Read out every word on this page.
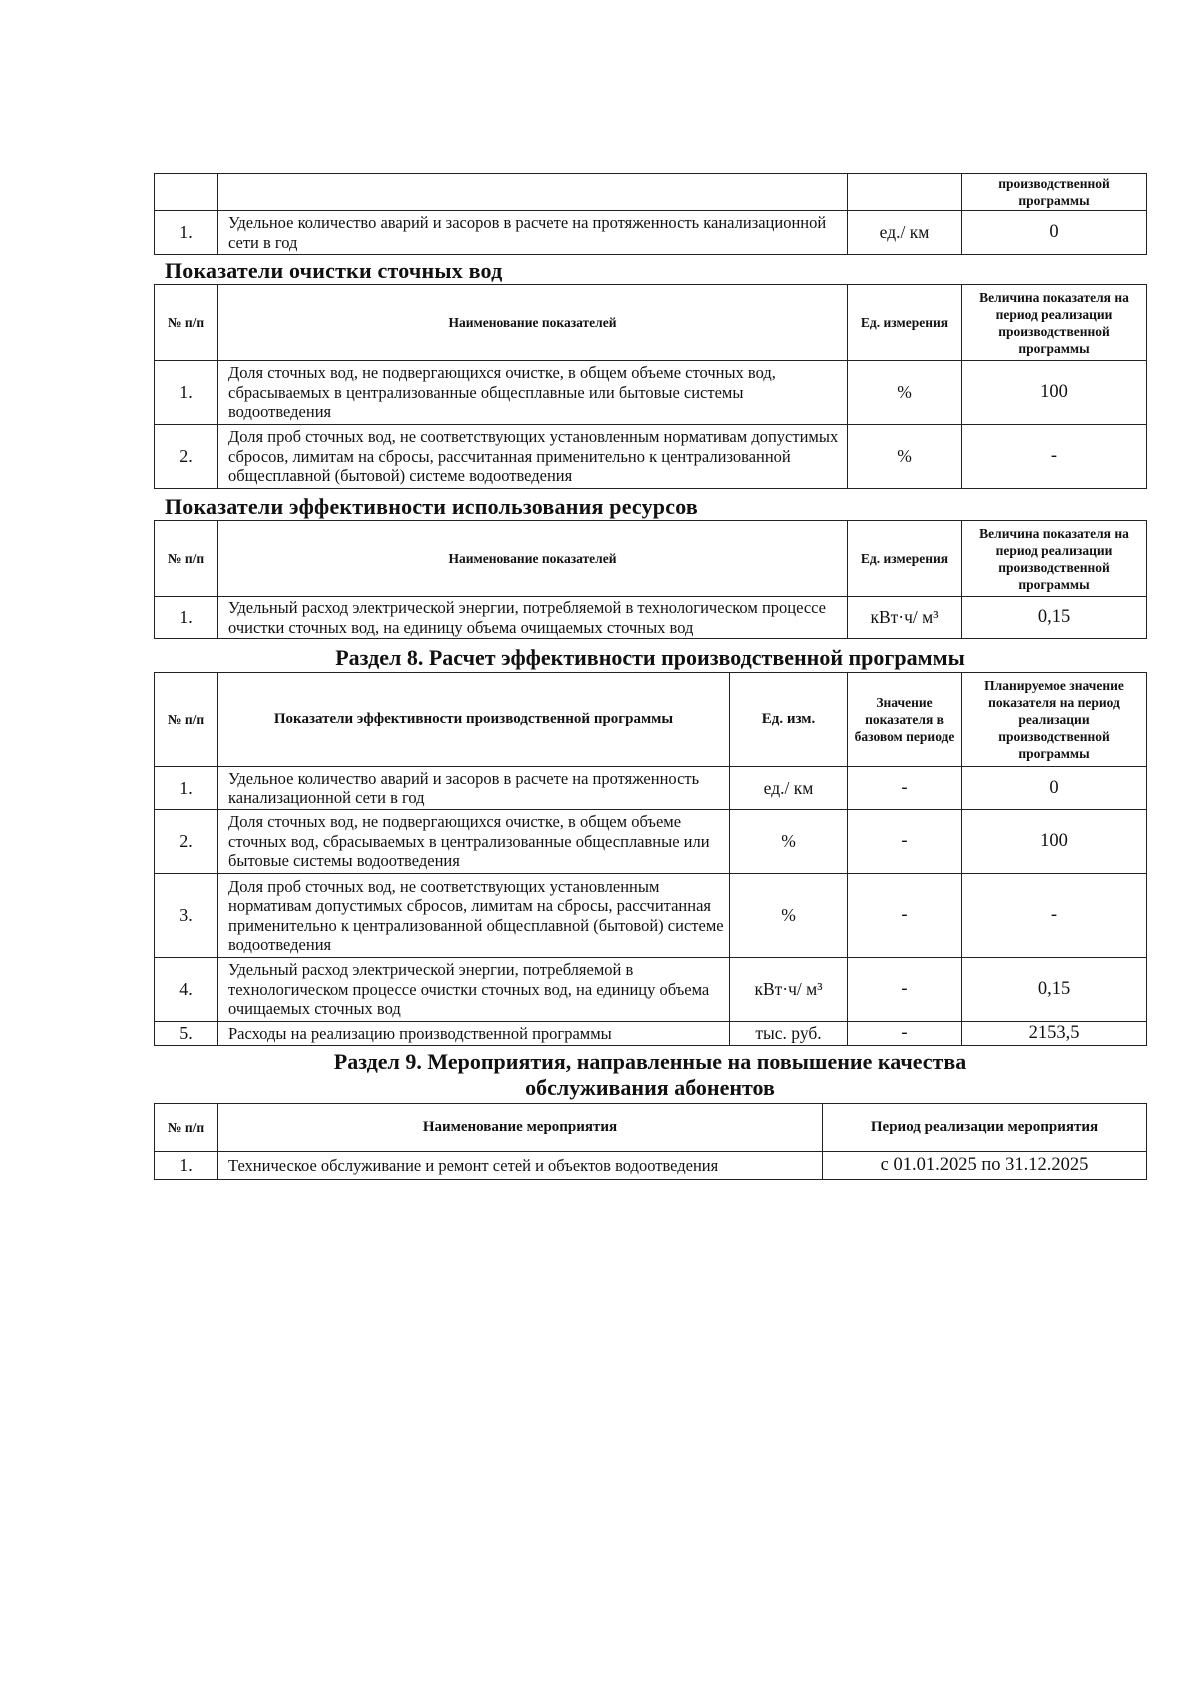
			производственной программы
1.	Удельное количество аварий и засоров в расчете на протяженность канализационной сети в год	ед./ км	0
Показатели очистки сточных вод
№ п/п	Наименование показателей	Ед. измерения	Величина показателя на период реализации производственной программы
1.	Доля сточных вод, не подвергающихся очистке, в общем объеме сточных вод, сбрасываемых в централизованные общесплавные или бытовые системы водоотведения	%	100
2.	Доля проб сточных вод, не соответствующих установленным нормативам допустимых сбросов, лимитам на сбросы, рассчитанная применительно к централизованной общесплавной (бытовой) системе водоотведения	%	-
Показатели эффективности использования ресурсов
№ п/п	Наименование показателей	Ед. измерения	Величина показателя на период реализации производственной программы
1.	Удельный расход электрической энергии, потребляемой в технологическом процессе очистки сточных вод, на единицу объема очищаемых сточных вод	кВт·ч/ м³	0,15
Раздел 8. Расчет эффективности производственной программы
№ п/п	Показатели эффективности производственной программы	Ед. изм.	Значение показателя в базовом периоде	Планируемое значение показателя на период реализации производственной программы
1.	Удельное количество аварий и засоров в расчете на протяженность канализационной сети в год	ед./ км	-	0
2.	Доля сточных вод, не подвергающихся очистке, в общем объеме сточных вод, сбрасываемых в централизованные общесплавные или бытовые системы водоотведения	%	-	100
3.	Доля проб сточных вод, не соответствующих установленным нормативам допустимых сбросов, лимитам на сбросы, рассчитанная применительно к централизованной общесплавной (бытовой) системе водоотведения	%	-	-
4.	Удельный расход электрической энергии, потребляемой в технологическом процессе очистки сточных вод, на единицу объема очищаемых сточных вод	кВт·ч/ м³	-	0,15
5.	Расходы на реализацию производственной программы	тыс. руб.	-	2153,5
Раздел 9. Мероприятия, направленные на повышение качества обслуживания абонентов
№ п/п	Наименование мероприятия	Период реализации мероприятия
1.	Техническое обслуживание и ремонт сетей и объектов водоотведения	с 01.01.2025 по 31.12.2025
